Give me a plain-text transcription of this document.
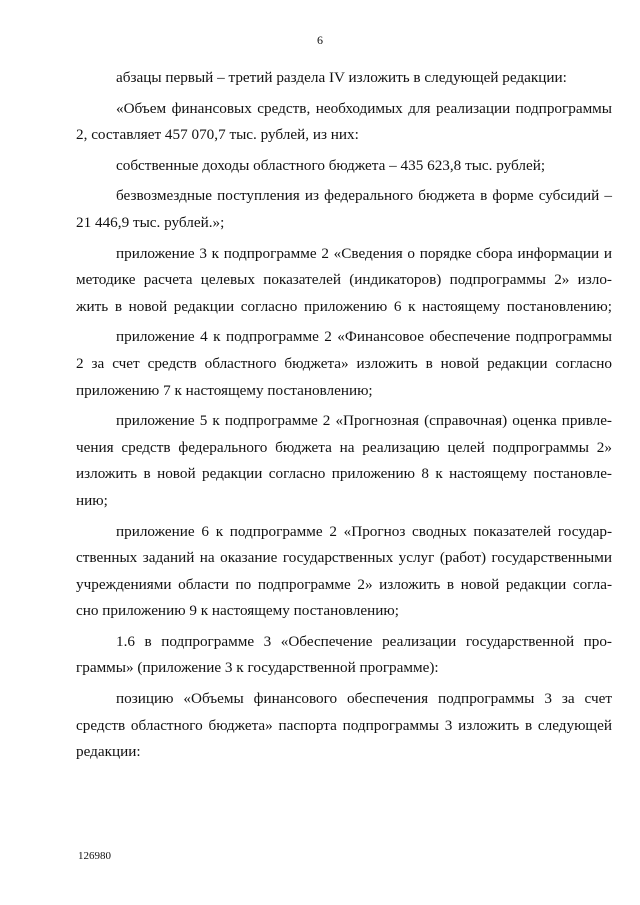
6

абзацы первый – третий раздела IV изложить в следующей редакции:

«Объем финансовых средств, необходимых для реализации подпрограммы
2, составляет 457 070,7 тыс. рублей, из них:

собственные доходы областного бюджета – 435 623,8 тыс. рублей;

безвозмездные поступления из федерального бюджета в форме субсидий –
21 446,9 тыс. рублей.»;

приложение 3 к подпрограмме 2 «Сведения о порядке сбора информации и
методике расчета целевых показателей (индикаторов) подпрограммы 2» изло-
жить в новой редакции согласно приложению 6 к настоящему постановлению;

приложение 4 к подпрограмме 2 «Финансовое обеспечение подпрограммы
2 за счет средств областного бюджета» изложить в новой редакции согласно
приложению 7 к настоящему постановлению;

приложение 5 к подпрограмме 2 «Прогнозная (справочная) оценка привле-
чения средств федерального бюджета на реализацию целей подпрограммы 2»
изложить в новой редакции согласно приложению 8 к настоящему постановле-
нию;

приложение 6 к подпрограмме 2 «Прогноз сводных показателей государ-
ственных заданий на оказание государственных услуг (работ) государственными
учреждениями области по подпрограмме 2» изложить в новой редакции согла-
сно приложению 9 к настоящему постановлению;

1.6 в подпрограмме 3 «Обеспечение реализации государственной про-
граммы» (приложение 3 к государственной программе):

позицию «Объемы финансового обеспечения подпрограммы 3 за счет
средств областного бюджета» паспорта подпрограммы 3 изложить в следующей
редакции:

126980
